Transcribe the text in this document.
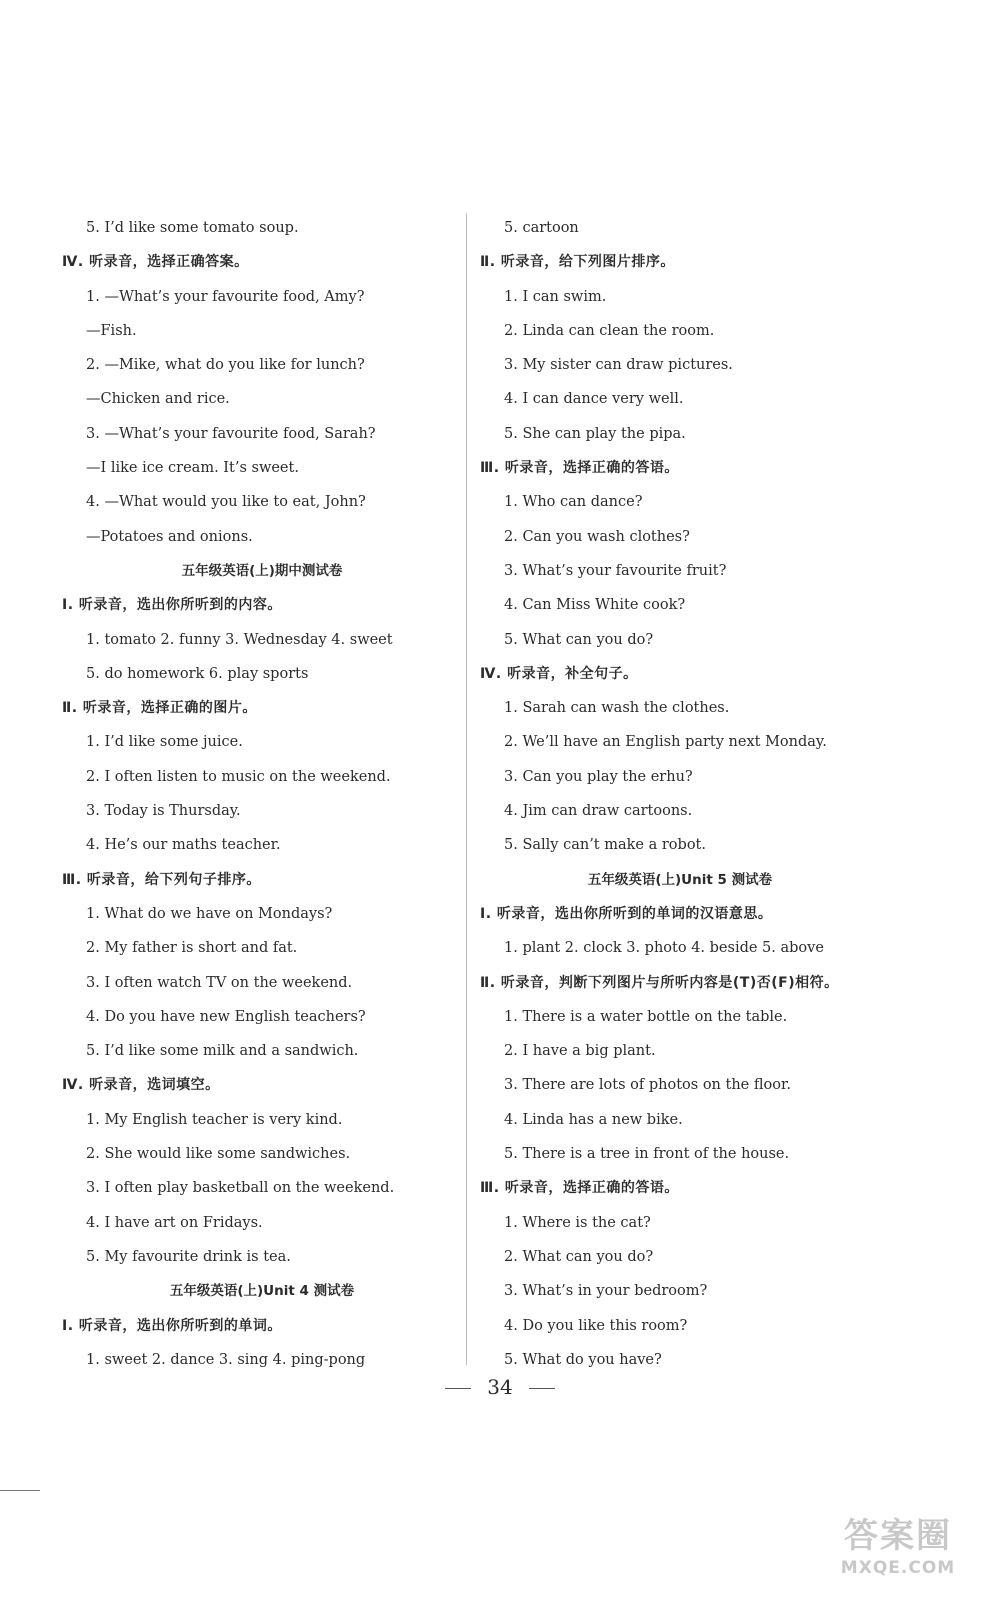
5. I’d like some tomato soup.
Ⅳ. 听录音，选择正确答案。
1. —What’s your favourite food, Amy?
—Fish.
2. —Mike, what do you like for lunch?
—Chicken and rice.
3. —What’s your favourite food, Sarah?
—I like ice cream. It’s sweet.
4. —What would you like to eat, John?
—Potatoes and onions.
五年级英语(上)期中测试卷
Ⅰ. 听录音，选出你所听到的内容。
1. tomato 2. funny 3. Wednesday 4. sweet
5. do homework 6. play sports
Ⅱ. 听录音，选择正确的图片。
1. I’d like some juice.
2. I often listen to music on the weekend.
3. Today is Thursday.
4. He’s our maths teacher.
Ⅲ. 听录音，给下列句子排序。
1. What do we have on Mondays?
2. My father is short and fat.
3. I often watch TV on the weekend.
4. Do you have new English teachers?
5. I’d like some milk and a sandwich.
Ⅳ. 听录音，选词填空。
1. My English teacher is very kind.
2. She would like some sandwiches.
3. I often play basketball on the weekend.
4. I have art on Fridays.
5. My favourite drink is tea.
五年级英语(上)Unit 4 测试卷
Ⅰ. 听录音，选出你所听到的单词。
1. sweet 2. dance 3. sing 4. ping-pong
5. cartoon
Ⅱ. 听录音，给下列图片排序。
1. I can swim.
2. Linda can clean the room.
3. My sister can draw pictures.
4. I can dance very well.
5. She can play the pipa.
Ⅲ. 听录音，选择正确的答语。
1. Who can dance?
2. Can you wash clothes?
3. What’s your favourite fruit?
4. Can Miss White cook?
5. What can you do?
Ⅳ. 听录音，补全句子。
1. Sarah can wash the clothes.
2. We’ll have an English party next Monday.
3. Can you play the erhu?
4. Jim can draw cartoons.
5. Sally can’t make a robot.
五年级英语(上)Unit 5 测试卷
Ⅰ. 听录音，选出你所听到的单词的汉语意思。
1. plant 2. clock 3. photo 4. beside 5. above
Ⅱ. 听录音，判断下列图片与所听内容是(T)否(F)相符。
1. There is a water bottle on the table.
2. I have a big plant.
3. There are lots of photos on the floor.
4. Linda has a new bike.
5. There is a tree in front of the house.
Ⅲ. 听录音，选择正确的答语。
1. Where is the cat?
2. What can you do?
3. What’s in your bedroom?
4. Do you like this room?
5. What do you have?
34
答案圈
MXQE.COM
